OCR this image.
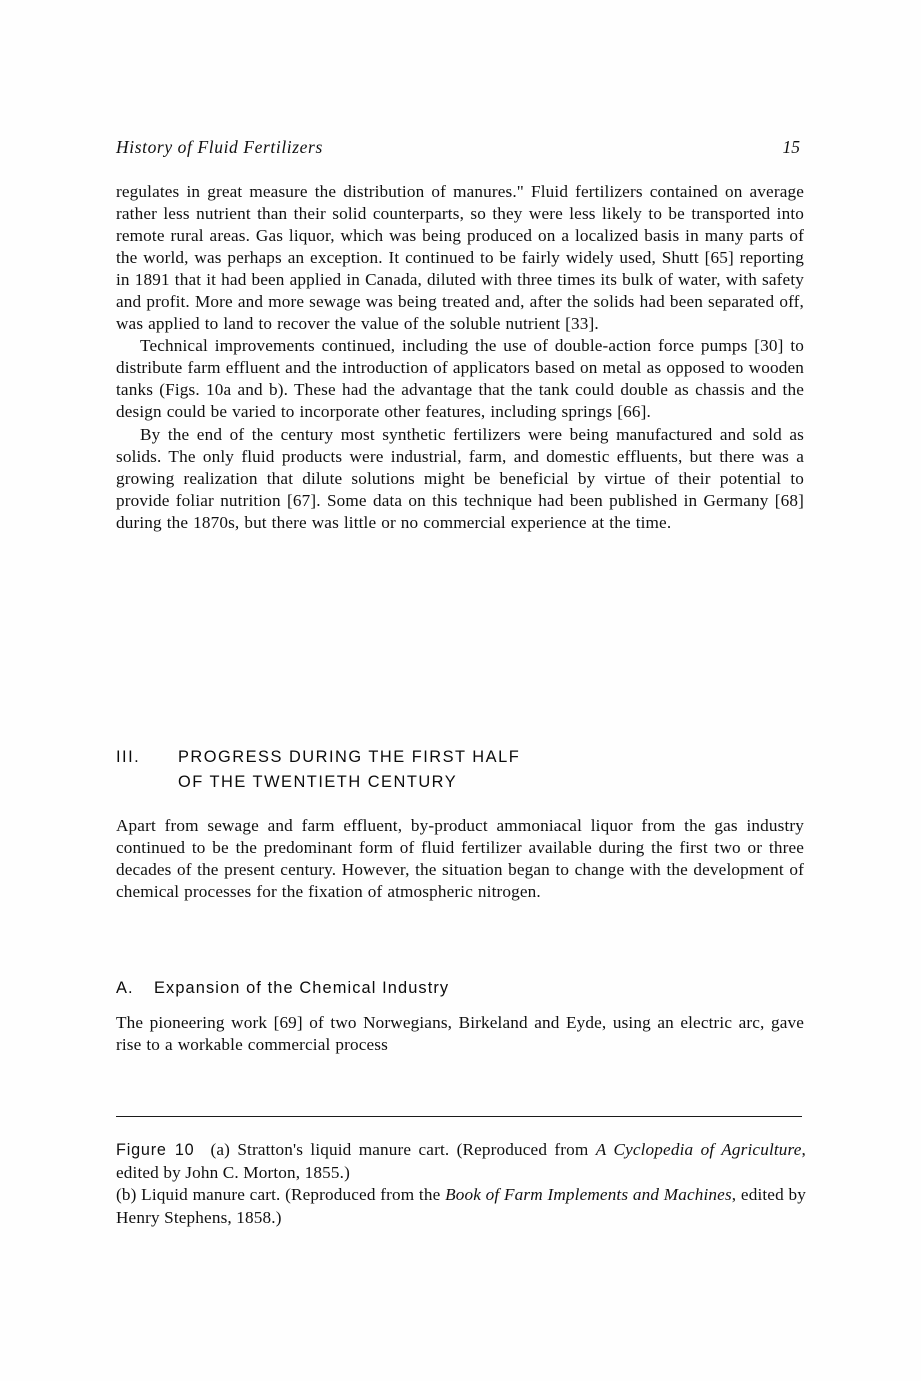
History of Fluid Fertilizers	15

regulates in great measure the distribution of manures." Fluid fertilizers contained on average rather less nutrient than their solid counterparts, so they were less likely to be transported into remote rural areas. Gas liquor, which was being produced on a localized basis in many parts of the world, was perhaps an exception. It continued to be fairly widely used, Shutt [65] reporting in 1891 that it had been applied in Canada, diluted with three times its bulk of water, with safety and profit. More and more sewage was being treated and, after the solids had been separated off, was applied to land to recover the value of the soluble nutrient [33].

Technical improvements continued, including the use of double-action force pumps [30] to distribute farm effluent and the introduction of applicators based on metal as opposed to wooden tanks (Figs. 10a and b). These had the advantage that the tank could double as chassis and the design could be varied to incorporate other features, including springs [66].

By the end of the century most synthetic fertilizers were being manufactured and sold as solids. The only fluid products were industrial, farm, and domestic effluents, but there was a growing realization that dilute solutions might be beneficial by virtue of their potential to provide foliar nutrition [67]. Some data on this technique had been published in Germany [68] during the 1870s, but there was little or no commercial experience at the time.

III.	PROGRESS DURING THE FIRST HALF
OF THE TWENTIETH CENTURY

Apart from sewage and farm effluent, by-product ammoniacal liquor from the gas industry continued to be the predominant form of fluid fertilizer available during the first two or three decades of the present century. However, the situation began to change with the development of chemical processes for the fixation of atmospheric nitrogen.

A.	Expansion of the Chemical Industry

The pioneering work [69] of two Norwegians, Birkeland and Eyde, using an electric arc, gave rise to a workable commercial process

Figure 10 (a) Stratton's liquid manure cart. (Reproduced from A Cyclopedia of Agriculture, edited by John C. Morton, 1855.)
(b) Liquid manure cart. (Reproduced from the Book of Farm Implements and Machines, edited by Henry Stephens, 1858.)
